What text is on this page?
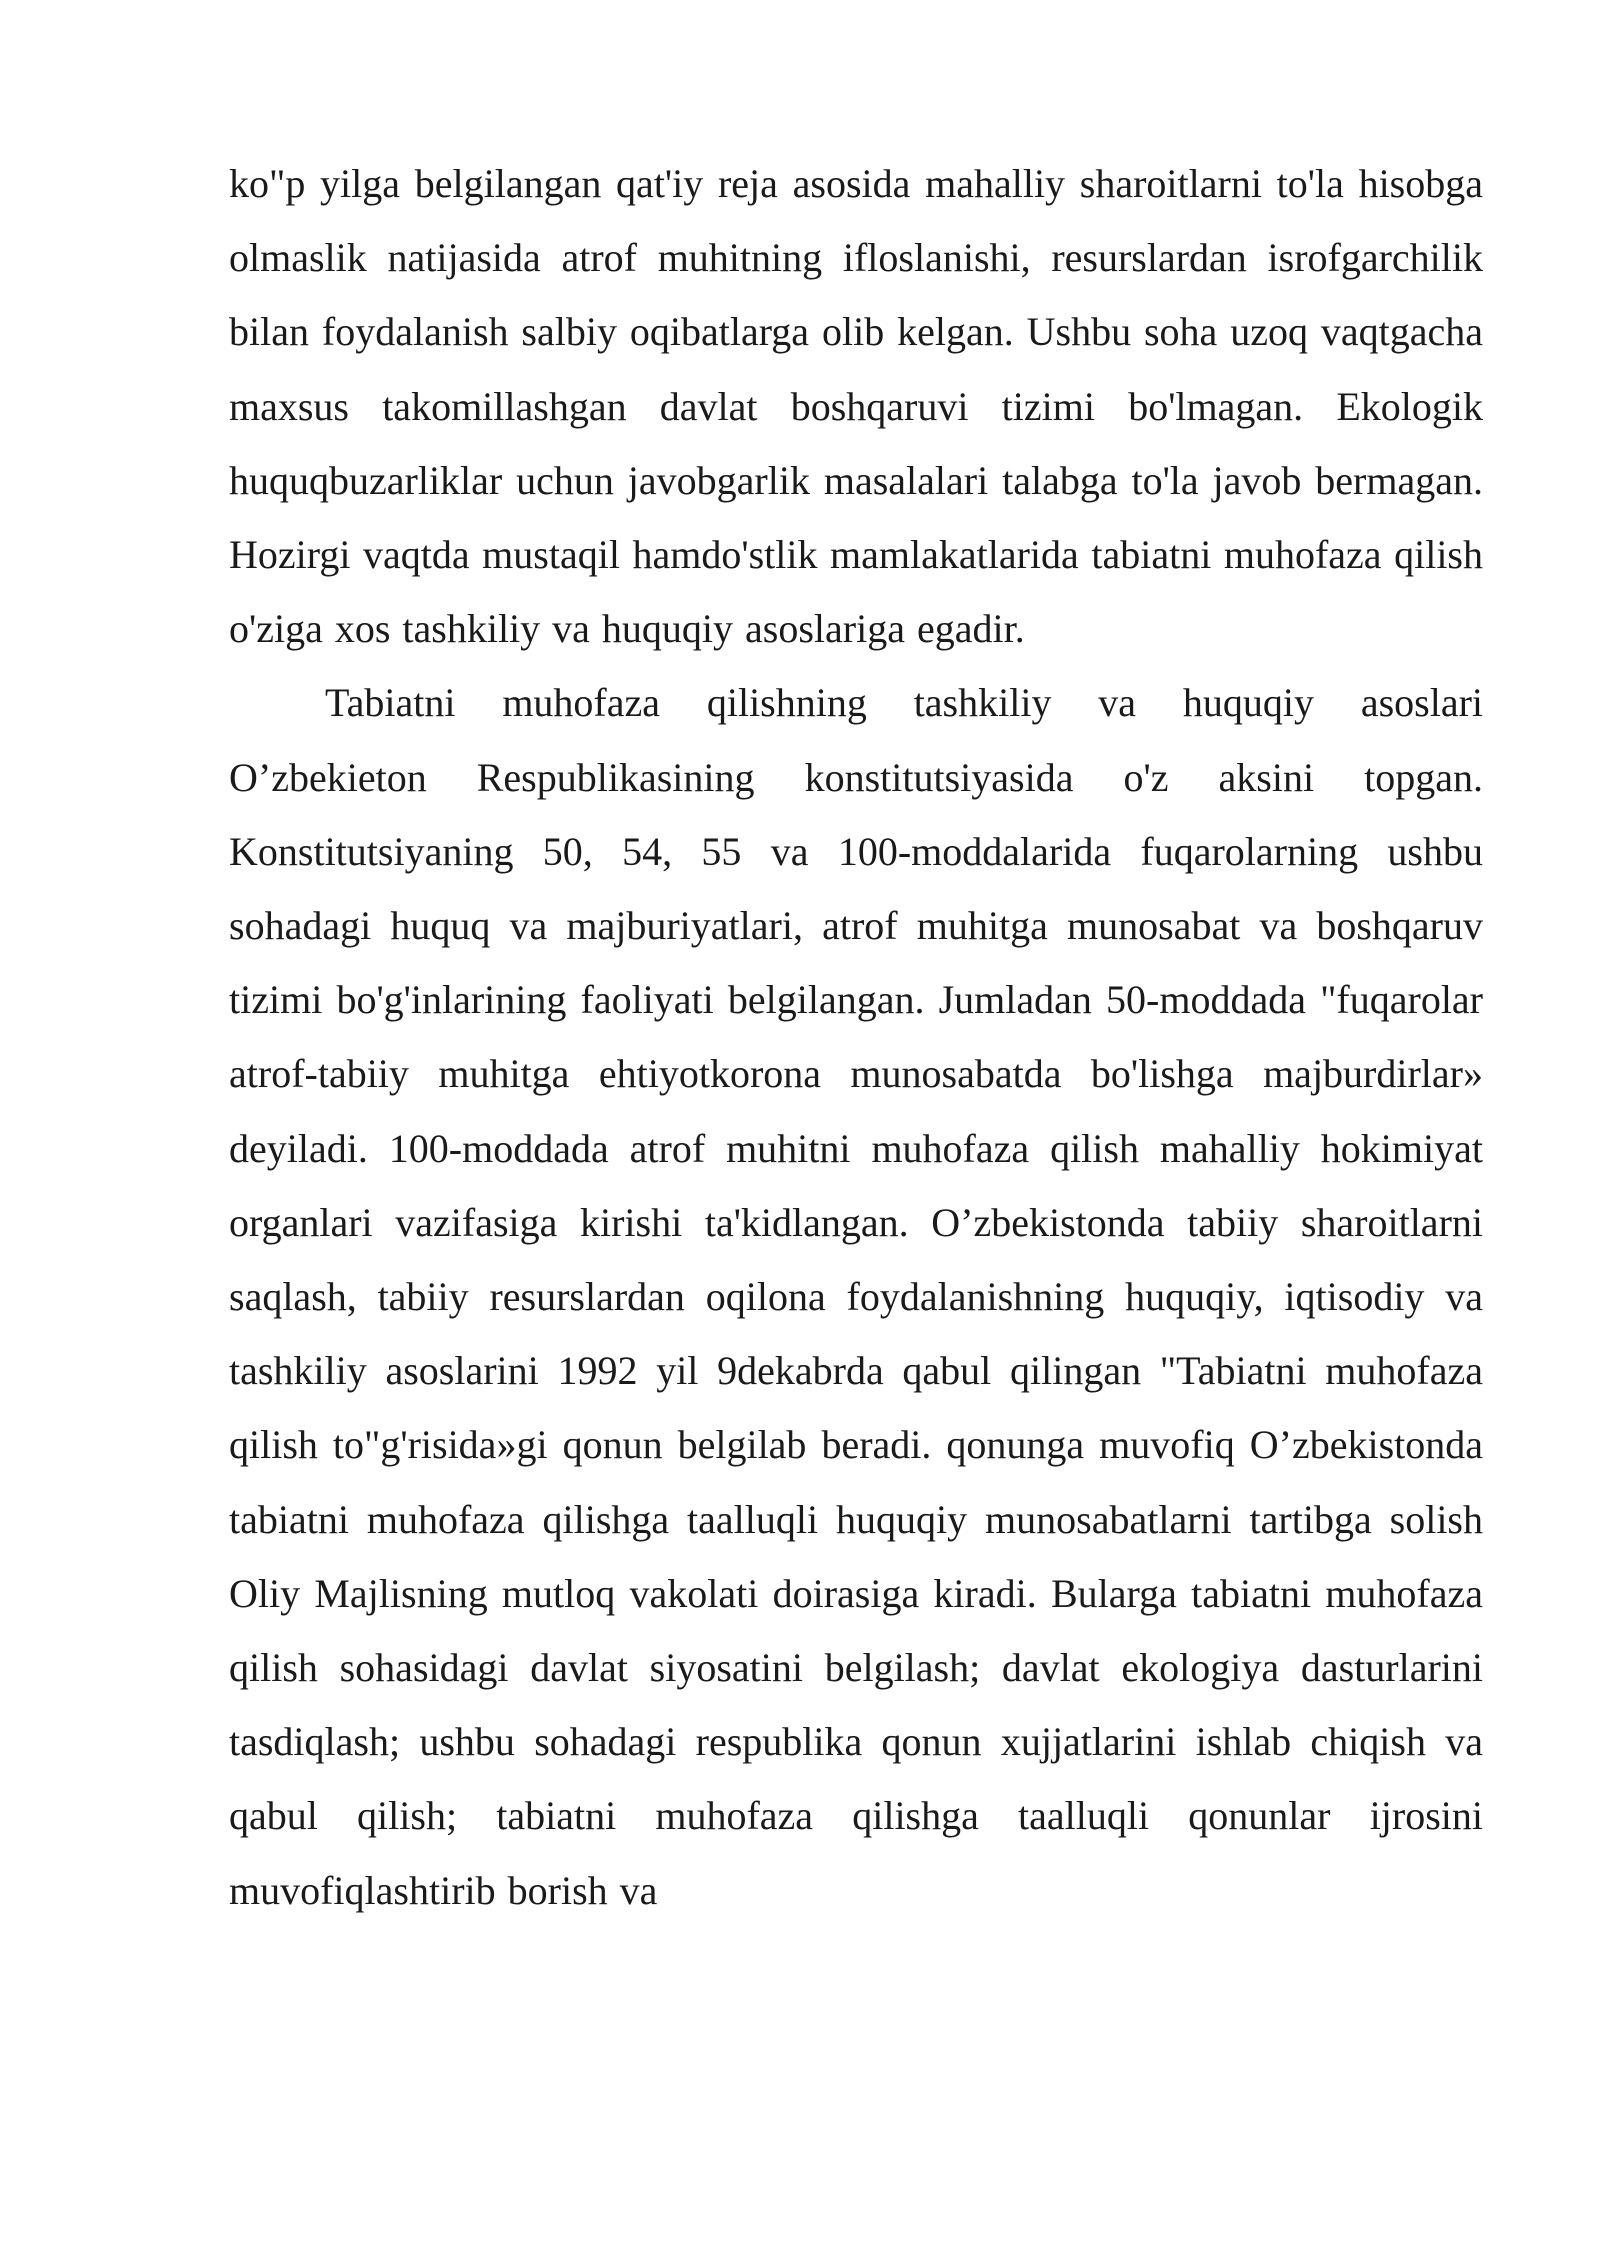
ko"p yilga belgilangan qat'iy reja asosida mahalliy sharoitlarni to'la hisobga olmaslik natijasida atrof muhitning ifloslanishi, resurslardan isrofgarchilik bilan foydalanish salbiy oqibatlarga olib kelgan. Ushbu soha uzoq vaqtgacha maxsus takomillashgan davlat boshqaruvi tizimi bo'lmagan. Ekologik huquqbuzarliklar uchun javobgarlik masalalari talabga to'la javob bermagan. Hozirgi vaqtda mustaqil hamdo'stlik mamlakatlarida tabiatni muhofaza qilish o'ziga xos tashkiliy va huquqiy asoslariga egadir.

Tabiatni muhofaza qilishning tashkiliy va huquqiy asoslari O’zbekieton Respublikasining konstitutsiyasida o'z aksini topgan. Konstitutsiyaning 50, 54, 55 va 100-moddalarida fuqarolarning ushbu sohadagi huquq va majburiyatlari, atrof muhitga munosabat va boshqaruv tizimi bo'g'inlarining faoliyati belgilangan. Jumladan 50-moddada "fuqarolar atrof-tabiiy muhitga ehtiyotkorona munosabatda bo'lishga majburdirlar» deyiladi. 100-moddada atrof muhitni muhofaza qilish mahalliy hokimiyat organlari vazifasiga kirishi ta'kidlangan. O’zbekistonda tabiiy sharoitlarni saqlash, tabiiy resurslardan oqilona foydalanishning huquqiy, iqtisodiy va tashkiliy asoslarini 1992 yil 9dekabrda qabul qilingan "Tabiatni muhofaza qilish to"g'risida»gi qonun belgilab beradi. qonunga muvofiq O’zbekistonda tabiatni muhofaza qilishga taalluqli huquqiy munosabatlarni tartibga solish Oliy Majlisning mutloq vakolati doirasiga kiradi. Bularga tabiatni muhofaza qilish sohasidagi davlat siyosatini belgilash; davlat ekologiya dasturlarini tasdiqlash; ushbu sohadagi respublika qonun xujjatlarini ishlab chiqish va qabul qilish; tabiatni muhofaza qilishga taalluqli qonunlar ijrosini muvofiqlashtirib borish va
